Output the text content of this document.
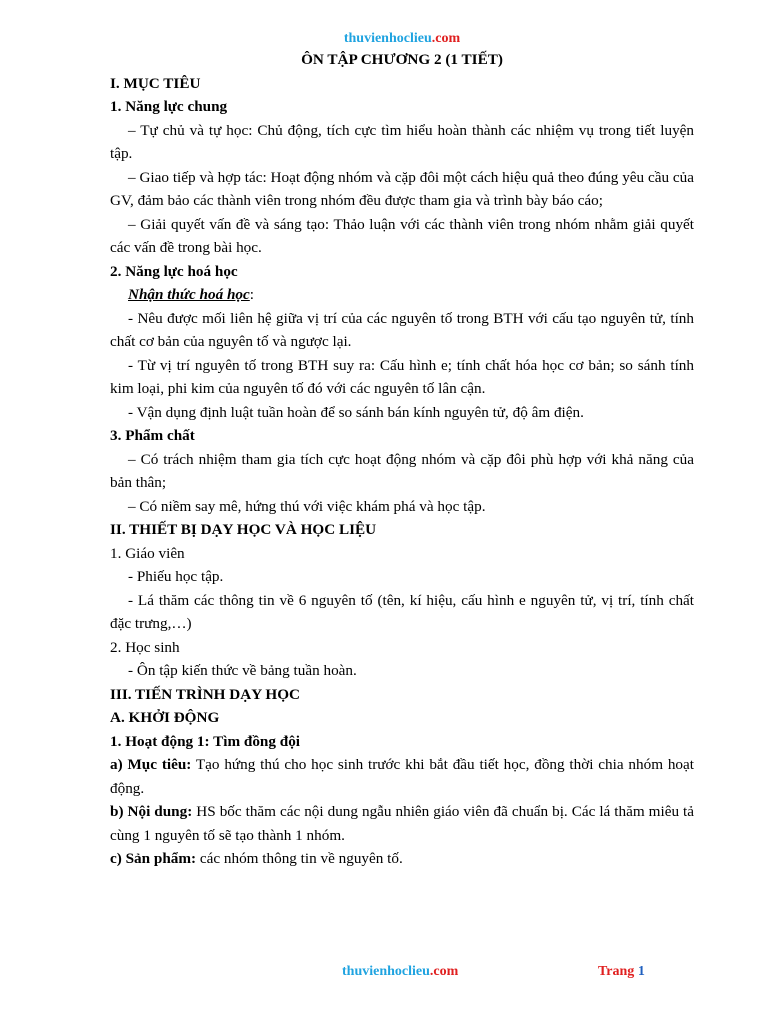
thuvienhoclieu.com
ÔN TẬP CHƯƠNG 2 (1 TIẾT)
I. MỤC TIÊU
1. Năng lực chung
– Tự chủ và tự học: Chủ động, tích cực tìm hiểu hoàn thành các nhiệm vụ trong tiết luyện tập.
– Giao tiếp và hợp tác: Hoạt động nhóm và cặp đôi một cách hiệu quả theo đúng yêu cầu của GV, đảm bảo các thành viên trong nhóm đều được tham gia và trình bày báo cáo;
– Giải quyết vấn đề và sáng tạo: Thảo luận với các thành viên trong nhóm nhằm giải quyết các vấn đề trong bài học.
2. Năng lực hoá học
Nhận thức hoá học:
- Nêu được mối liên hệ giữa vị trí của các nguyên tố trong BTH với cấu tạo nguyên tử, tính chất cơ bản của nguyên tố và ngược lại.
- Từ vị trí nguyên tố trong BTH suy ra: Cấu hình e; tính chất hóa học cơ bản; so sánh tính kim loại, phi kim của nguyên tố đó với các nguyên tố lân cận.
- Vận dụng định luật tuần hoàn để so sánh bán kính nguyên tử, độ âm điện.
3. Phẩm chất
– Có trách nhiệm tham gia tích cực hoạt động nhóm và cặp đôi phù hợp với khả năng của bản thân;
– Có niềm say mê, hứng thú với việc khám phá và học tập.
II. THIẾT BỊ DẠY HỌC VÀ HỌC LIỆU
1. Giáo viên
- Phiếu học tập.
- Lá thăm các thông tin về 6 nguyên tố (tên, kí hiệu, cấu hình e nguyên tử, vị trí, tính chất đặc trưng,…)
2. Học sinh
- Ôn tập kiến thức về bảng tuần hoàn.
III. TIẾN TRÌNH DẠY HỌC
A. KHỞI ĐỘNG
1. Hoạt động 1: Tìm đồng đội
a) Mục tiêu: Tạo hứng thú cho học sinh trước khi bắt đầu tiết học, đồng thời chia nhóm hoạt động.
b) Nội dung: HS bốc thăm các nội dung ngẫu nhiên giáo viên đã chuẩn bị. Các lá thăm miêu tả cùng 1 nguyên tố sẽ tạo thành 1 nhóm.
c) Sản phẩm: các nhóm thông tin về nguyên tố.
thuvienhoclieu.com	Trang 1
